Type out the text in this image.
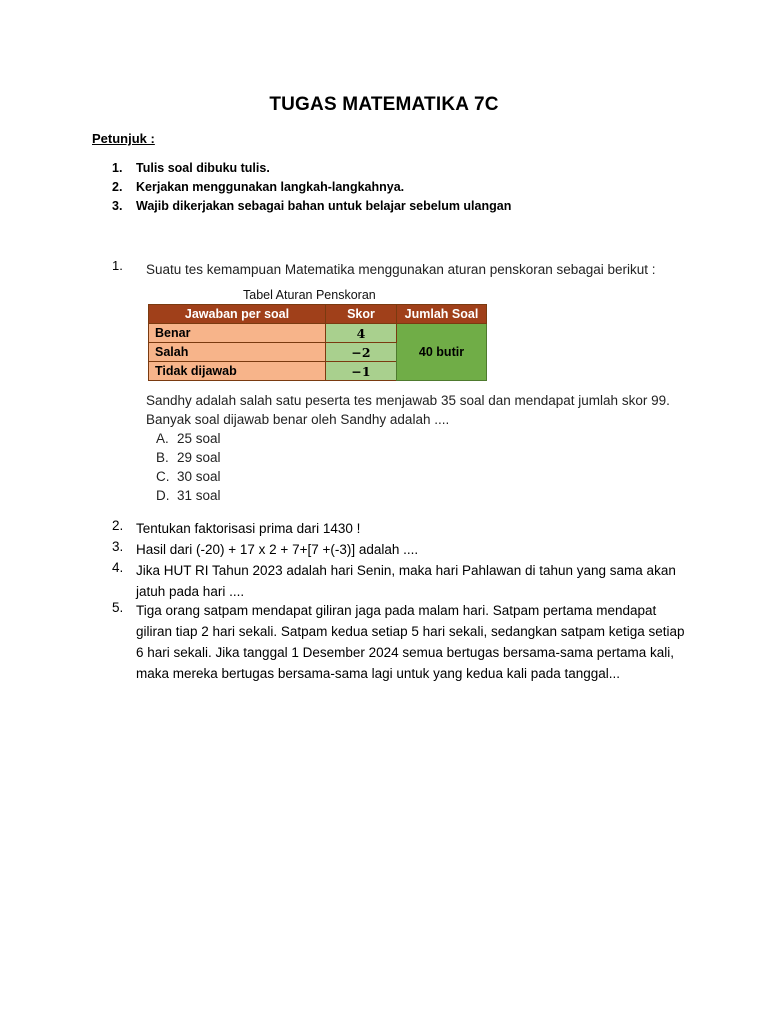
TUGAS MATEMATIKA 7C
Petunjuk :
1. Tulis soal dibuku tulis.
2. Kerjakan menggunakan langkah-langkahnya.
3. Wajib dikerjakan sebagai bahan untuk belajar sebelum ulangan
1. Suatu tes kemampuan Matematika menggunakan aturan penskoran sebagai berikut :
Tabel Aturan Penskoran
Jawaban per soal	Skor	Jumlah Soal
Benar	4	40 butir
Salah	−2	
Tidak dijawab	−1	
Sandhy adalah salah satu peserta tes menjawab 35 soal dan mendapat jumlah skor 99.
Banyak soal dijawab benar oleh Sandhy adalah ....
A. 25 soal
B. 29 soal
C. 30 soal
D. 31 soal
2. Tentukan faktorisasi prima dari 1430 !
3. Hasil dari (-20) + 17 x 2 + 7+[7 +(-3)] adalah ....
4. Jika HUT RI Tahun 2023 adalah hari Senin, maka hari Pahlawan di tahun yang sama akan
jatuh pada hari ....
5. Tiga orang satpam mendapat giliran jaga pada malam hari. Satpam pertama mendapat
giliran tiap 2 hari sekali. Satpam kedua setiap 5 hari sekali, sedangkan satpam ketiga setiap
6 hari sekali. Jika tanggal 1 Desember 2024 semua bertugas bersama-sama pertama kali,
maka mereka bertugas bersama-sama lagi untuk yang kedua kali pada tanggal...
